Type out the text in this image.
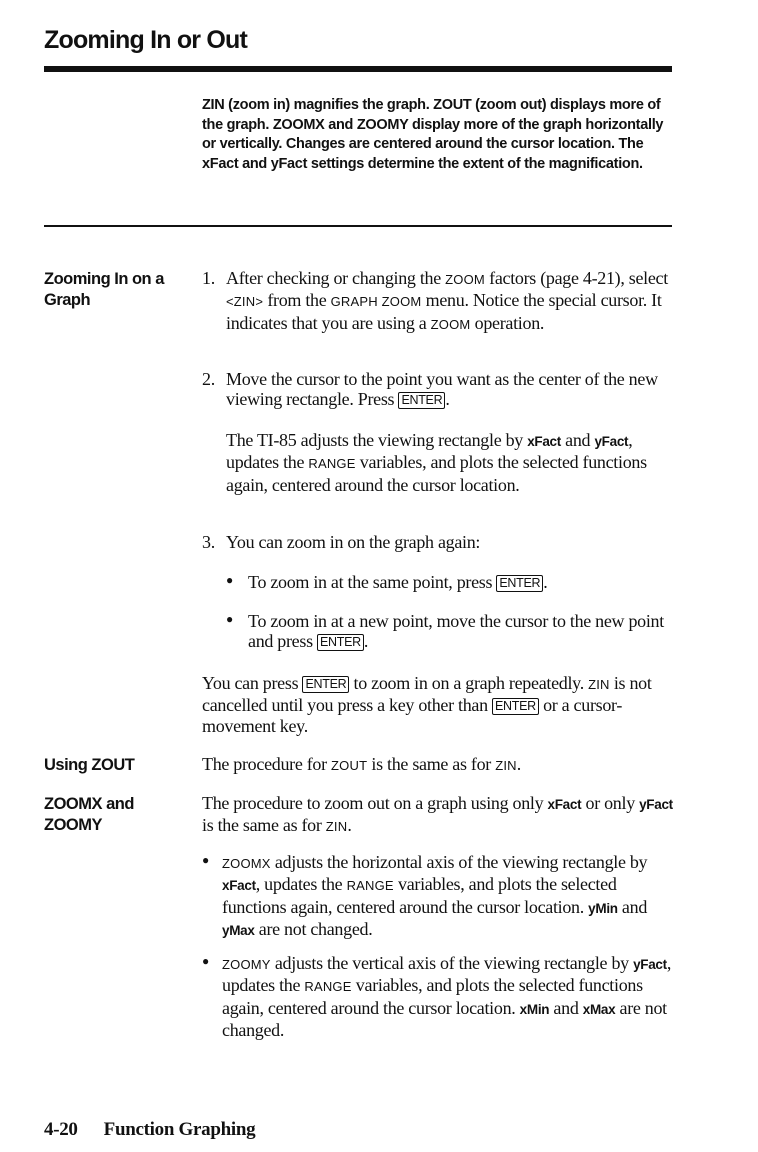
Zooming In or Out
ZIN (zoom in) magnifies the graph. ZOUT (zoom out) displays more of the graph. ZOOMX and ZOOMY display more of the graph horizontally or vertically. Changes are centered around the cursor location. The xFact and yFact settings determine the extent of the magnification.
Zooming In on a Graph
1. After checking or changing the ZOOM factors (page 4-21), select <ZIN> from the GRAPH ZOOM menu. Notice the special cursor. It indicates that you are using a ZOOM operation.
2. Move the cursor to the point you want as the center of the new viewing rectangle. Press ENTER .
The TI-85 adjusts the viewing rectangle by xFact and yFact, updates the RANGE variables, and plots the selected functions again, centered around the cursor location.
3. You can zoom in on the graph again:
● To zoom in at the same point, press ENTER .
● To zoom in at a new point, move the cursor to the new point and press ENTER .
You can press ENTER to zoom in on a graph repeatedly. ZIN is not cancelled until you press a key other than ENTER or a cursor-movement key.
Using ZOUT	The procedure for ZOUT is the same as for ZIN.
ZOOMX and ZOOMY
The procedure to zoom out on a graph using only xFact or only yFact is the same as for ZIN.
● ZOOMX adjusts the horizontal axis of the viewing rectangle by xFact, updates the RANGE variables, and plots the selected functions again, centered around the cursor location. yMin and yMax are not changed.
● ZOOMY adjusts the vertical axis of the viewing rectangle by yFact, updates the RANGE variables, and plots the selected functions again, centered around the cursor location. xMin and xMax are not changed.
4-20 Function Graphing
